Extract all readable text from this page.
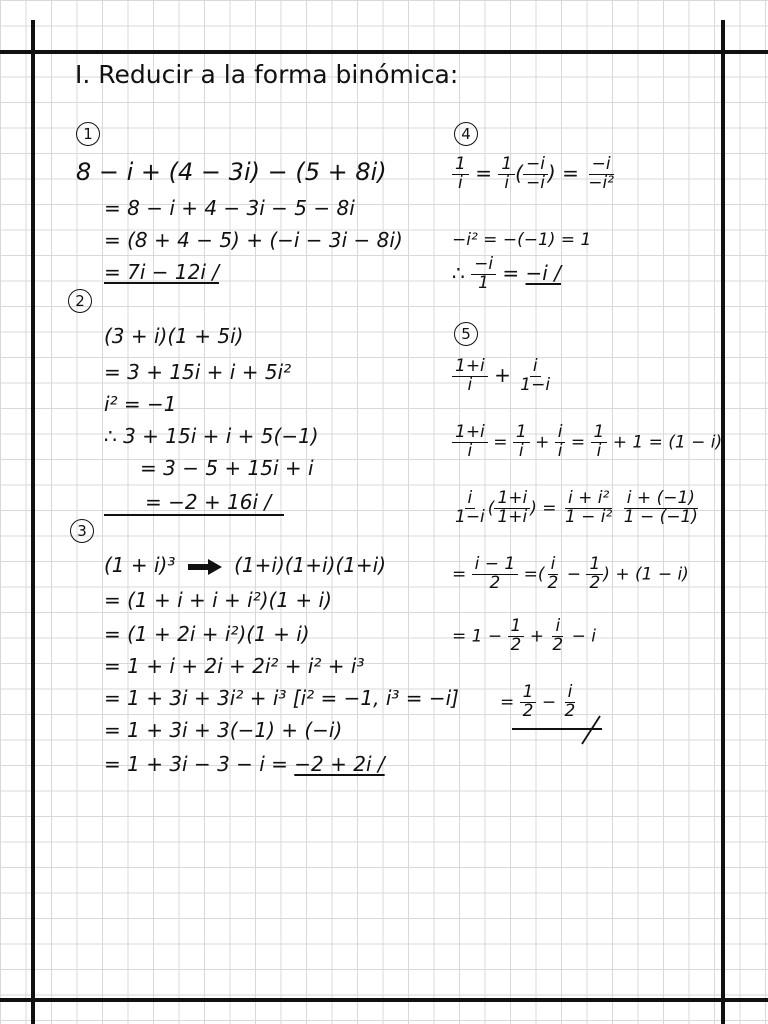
I. Reducir a la forma binómica:
1
8 − i + (4 − 3i) − (5 + 8i)
= 8 − i + 4 − 3i − 5 − 8i
= (8 + 4 − 5) + (−i − 3i − 8i)
= 7i − 12i /
2
(3 + i)(1 + 5i)
= 3 + 15i + i + 5i²
i² = −1
∴ 3 + 15i + i + 5(−1)
= 3 − 5 + 15i + i
= −2 + 16i /
3
(1 + i)³	(1+i)(1+i)(1+i)
= (1 + i + i + i²)(1 + i)
= (1 + 2i + i²)(1 + i)
= 1 + i + 2i + 2i² + i² + i³
= 1 + 3i + 3i² + i³ [i² = −1, i³ = −i]
= 1 + 3i + 3(−1) + (−i)
= 1 + 3i − 3 − i = −2 + 2i /
4
$\frac{1}{i} = \frac{1}{i}$ ( $\frac{-i}{-i}$ ) = $\frac{-i}{\text{−i²}}$
−i² = −(−1) = 1
∴ $\frac{-i}{1} = -i$ /
5
$\frac{1+i}{i} + \frac{i}{1-i}$
$\frac{1+i}{i} = \frac{1}{i} + \frac{i}{i} = \frac{1}{i} + 1 = (1 - i)$
$\frac{i}{1-i}$ ( $\frac{1+i}{1+i}$ ) = $\frac{\text{i + i²}}{\text{1 − i²}}$
$\frac{i + (-1)}{1 - (-1)}$
= $\frac{i - 1}{2}$ =( $\frac{i}{2} - \frac{1}{2}$ ) + (1 − i)
= $1 - \frac{1}{2} + \frac{i}{2} - i$
= $\frac{1}{2} - \frac{i}{2}$
